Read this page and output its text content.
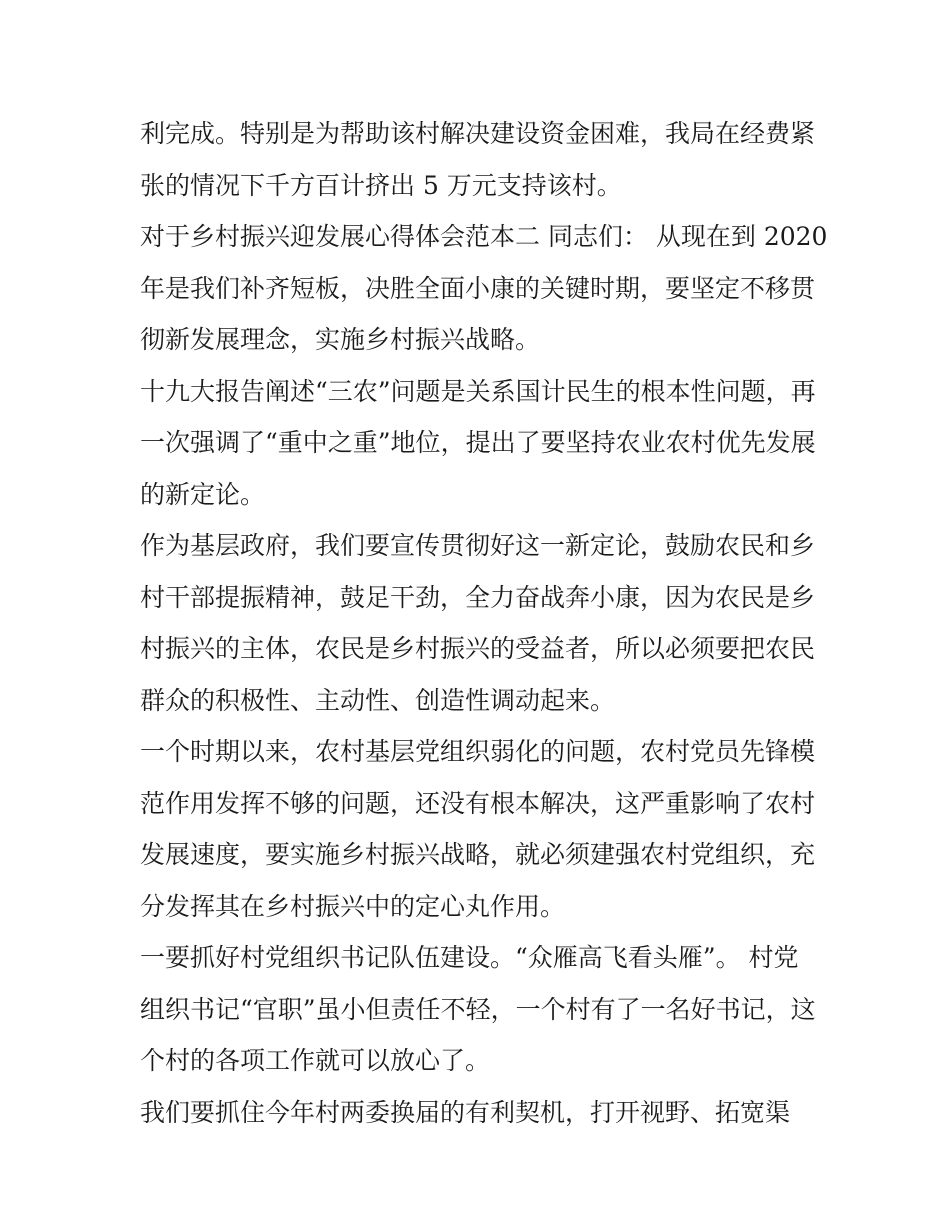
利完成。特别是为帮助该村解决建设资金困难，我局在经费紧
张的情况下千方百计挤出 5 万元支持该村。
对于乡村振兴迎发展心得体会范本二 同志们： 从现在到 2020
年是我们补齐短板，决胜全面小康的关键时期，要坚定不移贯
彻新发展理念，实施乡村振兴战略。
十九大报告阐述“三农”问题是关系国计民生的根本性问题，再
一次强调了“重中之重”地位，提出了要坚持农业农村优先发展
的新定论。
作为基层政府，我们要宣传贯彻好这一新定论，鼓励农民和乡
村干部提振精神，鼓足干劲，全力奋战奔小康，因为农民是乡
村振兴的主体，农民是乡村振兴的受益者，所以必须要把农民
群众的积极性、主动性、创造性调动起来。
一个时期以来，农村基层党组织弱化的问题，农村党员先锋模
范作用发挥不够的问题，还没有根本解决，这严重影响了农村
发展速度，要实施乡村振兴战略，就必须建强农村党组织，充
分发挥其在乡村振兴中的定心丸作用。
一要抓好村党组织书记队伍建设。“众雁高飞看头雁”。 村党
组织书记“官职”虽小但责任不轻，一个村有了一名好书记，这
个村的各项工作就可以放心了。
我们要抓住今年村两委换届的有利契机，打开视野、拓宽渠
